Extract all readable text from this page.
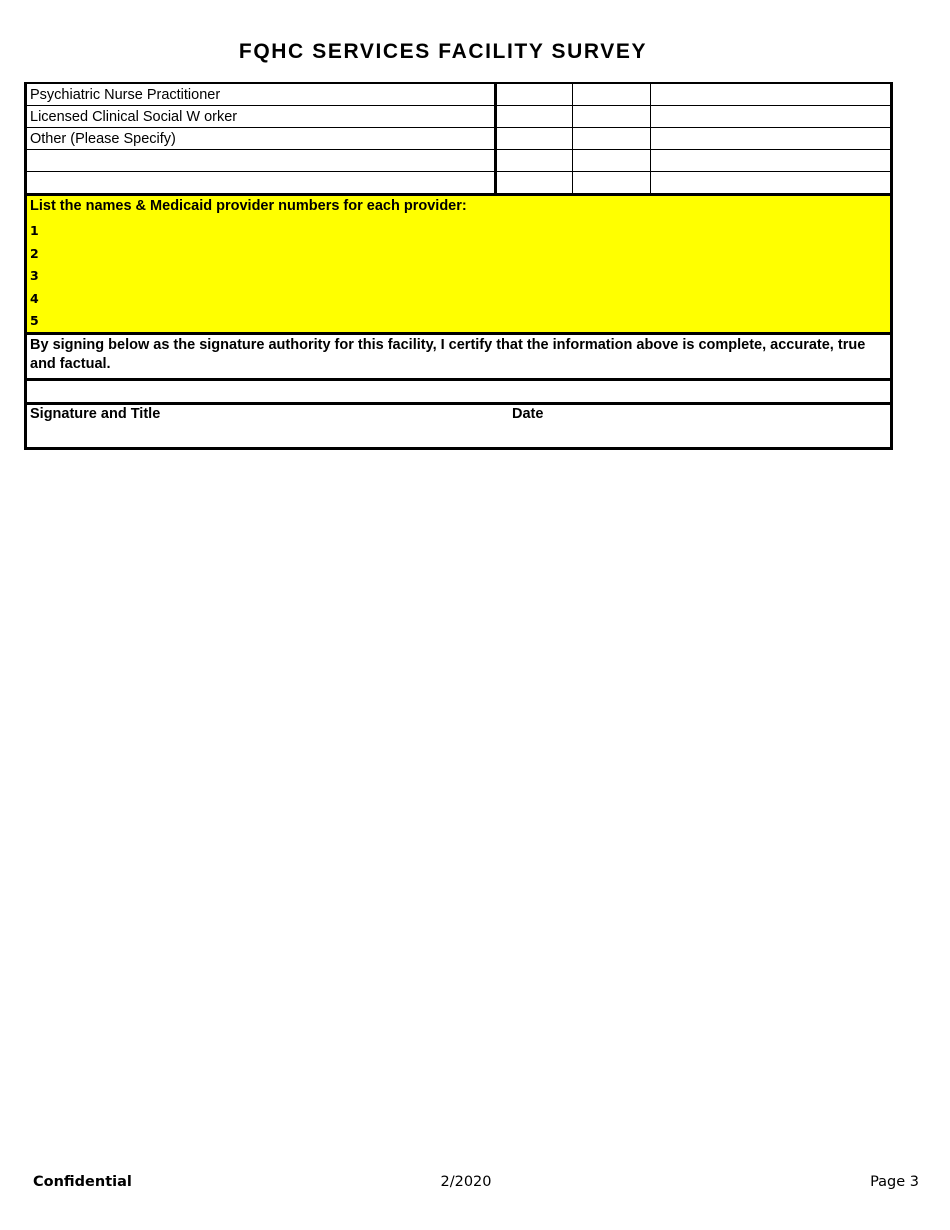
FQHC SERVICES FACILITY SURVEY
Psychiatric Nurse Practitioner			
Licensed Clinical Social W orker			
Other (Please Specify)			

List the names & Medicaid provider numbers for each provider:
1
2
3
4
5
By signing below as the signature authority for this facility, I certify that the information above is complete, accurate, true and factual.
Signature and Title	Date
Confidential	2/2020	Page 3
